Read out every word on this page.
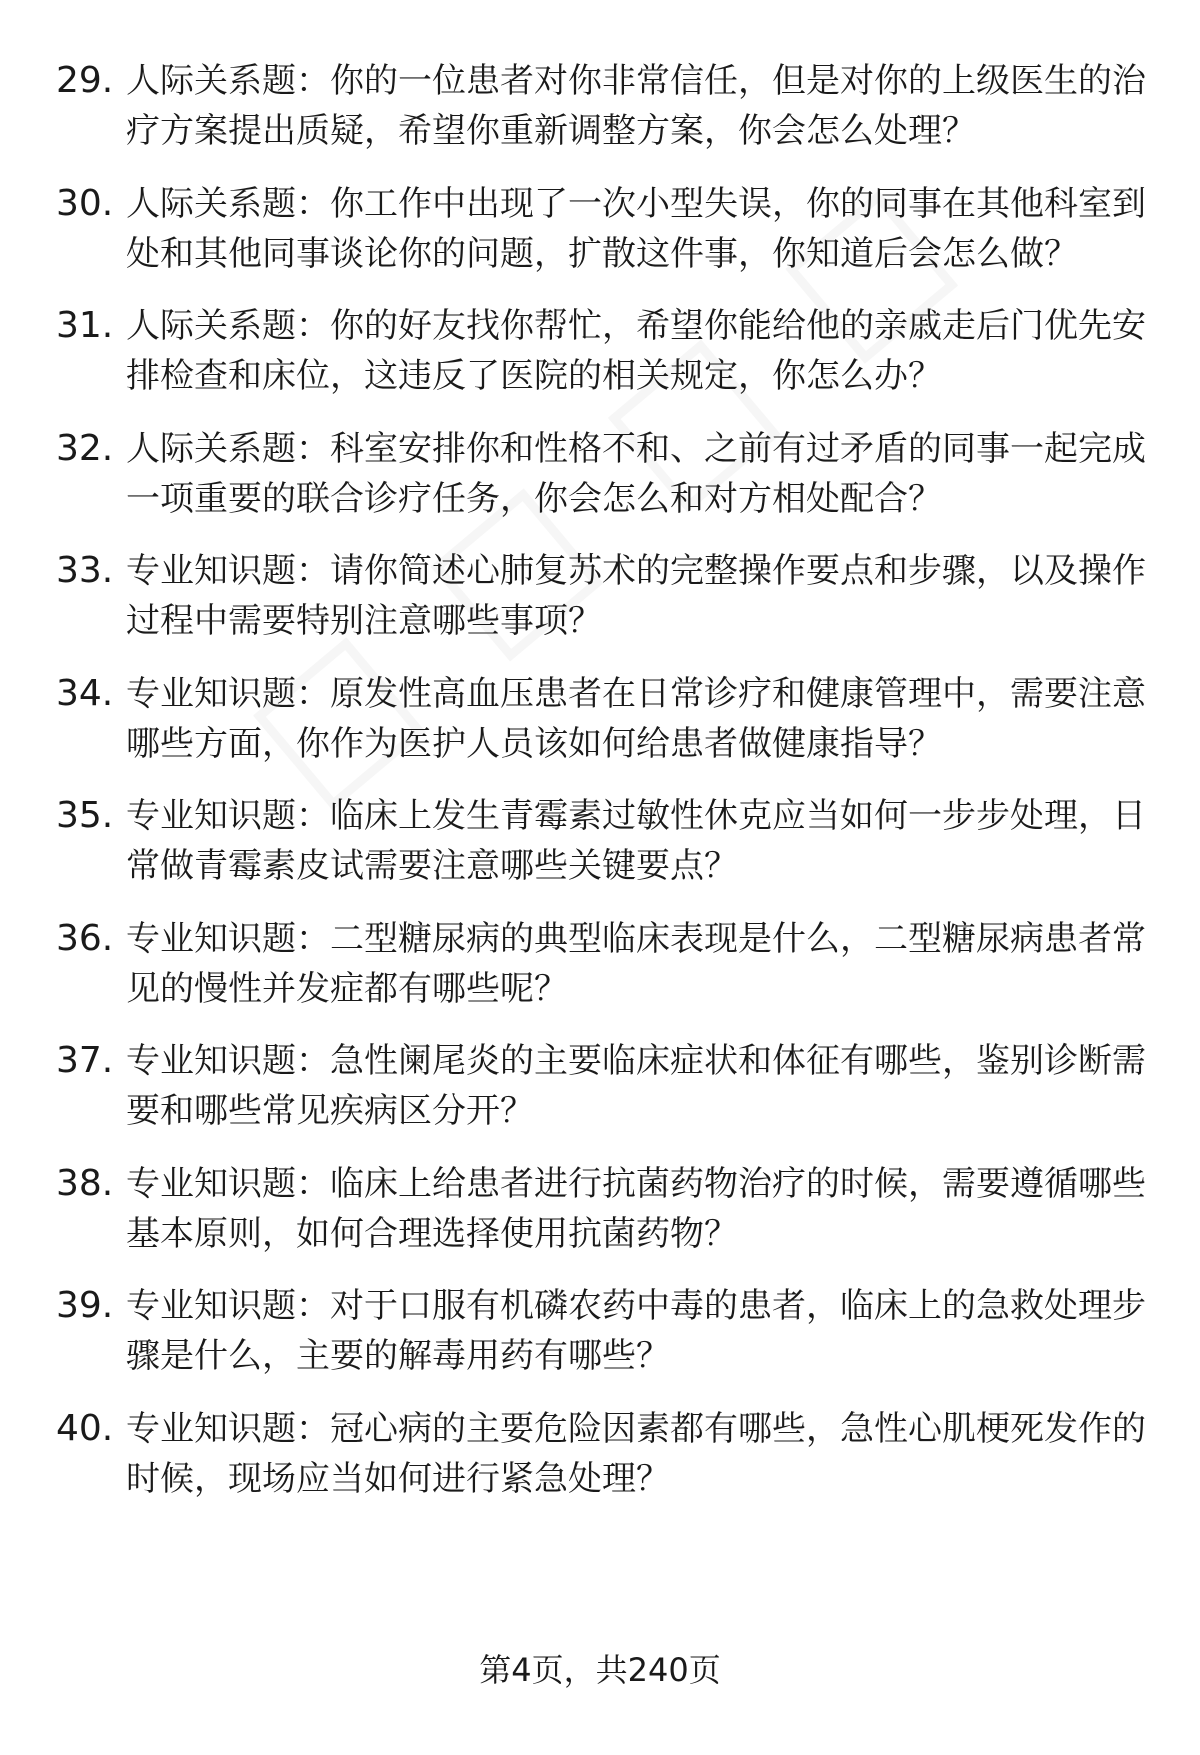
29. 人际关系题：你的一位患者对你非常信任，但是对你的上级医生的治疗方案提出质疑，希望你重新调整方案，你会怎么处理？
30. 人际关系题：你工作中出现了一次小型失误，你的同事在其他科室到处和其他同事谈论你的问题，扩散这件事，你知道后会怎么做？
31. 人际关系题：你的好友找你帮忙，希望你能给他的亲戚走后门优先安排检查和床位，这违反了医院的相关规定，你怎么办？
32. 人际关系题：科室安排你和性格不和、之前有过矛盾的同事一起完成一项重要的联合诊疗任务，你会怎么和对方相处配合？
33. 专业知识题：请你简述心肺复苏术的完整操作要点和步骤，以及操作过程中需要特别注意哪些事项？
34. 专业知识题：原发性高血压患者在日常诊疗和健康管理中，需要注意哪些方面，你作为医护人员该如何给患者做健康指导？
35. 专业知识题：临床上发生青霉素过敏性休克应当如何一步步处理，日常做青霉素皮试需要注意哪些关键要点？
36. 专业知识题：二型糖尿病的典型临床表现是什么，二型糖尿病患者常见的慢性并发症都有哪些呢？
37. 专业知识题：急性阑尾炎的主要临床症状和体征有哪些，鉴别诊断需要和哪些常见疾病区分开？
38. 专业知识题：临床上给患者进行抗菌药物治疗的时候，需要遵循哪些基本原则，如何合理选择使用抗菌药物？
39. 专业知识题：对于口服有机磷农药中毒的患者，临床上的急救处理步骤是什么，主要的解毒用药有哪些？
40. 专业知识题：冠心病的主要危险因素都有哪些，急性心肌梗死发作的时候，现场应当如何进行紧急处理？
第4页，共240页
